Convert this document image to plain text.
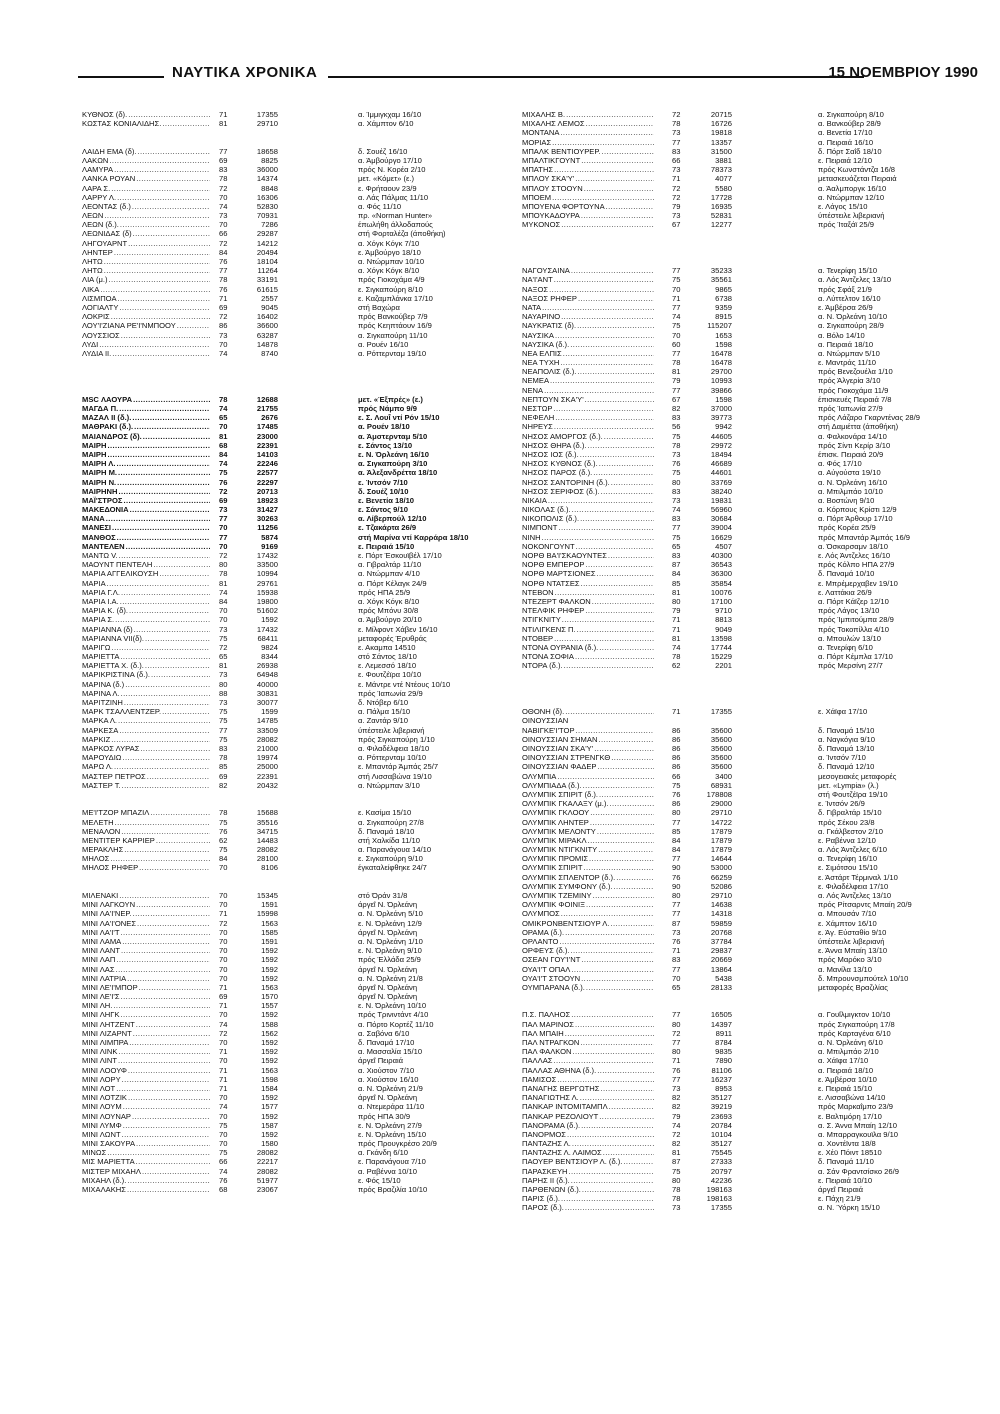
ΝΑΥΤΙΚΑ ΧΡΟΝΙΚΑ	15 ΝΟΕΜΒΡΙΟΥ 1990
ΚΥΘΝΟΣ (δ). .....	71	17355	α. Ίμμιγκχαμ 16/10
ΚΩΣΤΑΣ ΚΟΝΙΑΛΙΔΗΣ. .....	81	29710	α. Χάμπτον 6/10
ΛΑΙΔΗ ΕΜΑ (δ). .....	77	18658	δ. Σουέζ 16/10
ΛΑΚΩΝ .....	69	8825	α. Άμβούργο 17/10
ΛΑΜΥΡΑ .....	83	36000	πρός Ν. Κορέα 2/10
ΛΑΝΚΑ ΡΟΥΑΝ .....	78	14374	μετ. «Κόμετ» (ε.)
ΛΑΡΑ Σ. .....	72	8848	ε. Φρήταουν 23/9
ΛΑΡΡΥ Λ. .....	70	16306	α. Λάς Πάλμας 11/10
ΛΕΟΝΤΑΣ (δ.) .....	74	52830	α. Φός 11/10
ΛΕΩΝ .....	73	70931	πρ. «Norman Hunter»
ΛΕΩΝ (δ.). .....	70	7286	έπωλήθη άλλοδαπούς
ΛΕΩΝΙΔΑΣ (δ) .....	66	29287	στή Φορταλέζα (άποθήκη)
ΛΗΓΟΥΑΡΝΤ .....	72	14212	α. Χόγκ Κόγκ 7/10
ΛΗΝΤΕΡ .....	84	20494	ε. Άμβούργο 18/10
ΛΗΤΩ .....	76	18104	α. Ντώρμπαν 10/10
ΛΗΤΩ .....	77	11264	α. Χόγκ Κόγκ 8/10
ΛΙΑ (μ.) .....	78	33191	πρός Γιοκοχάμα 4/9
ΛΙΚΑ .....	76	61615	ε. Σιγκαπούρη 8/10
ΛΙΣΜΠΟΑ .....	71	2557	ε. Καζαμπλάνκα 17/10
ΛΟΓΙΑΛΤΥ .....	69	9045	στή Βαχώρα
ΛΟΚΡΙΣ .....	72	16402	πρός Βανκούβερ 7/9
ΛΟΥ'Ι'ΖΙΑΝΑ ΡΕ'Ι'ΝΜΠΟΟΥ .....	86	36600	πρός Κεηπτάουν 16/9
ΛΟΥΣΣΙΟΣ .....	73	63287	α. Σιγκαπούρη 11/10
ΛΥΔΙ .....	70	14878	α. Ρουέν 16/10
ΛΥΔΙΑ ΙΙ. .....	74	8740	α. Ρόττερνταμ 19/10
MSC ΛΑΟΥΡΑ .....	78	12688	μετ. «Έξπρές» (ε.)
ΜΑΓΔΑ Π. .....	74	21755	πρός Νάμπο 9/9
ΜΑΖΑΛ ΙΙ (δ.). .....	65	2676	ε. Σ. Λουΐ ντί Ρόν 15/10
ΜΑΘΡΑΚΙ (δ.). .....	70	17485	α. Ρουέν 18/10
ΜΑΙΑΝΔΡΟΣ (δ). .....	81	23000	α. Άμστερνταμ 5/10
ΜΑΙΡΗ .....	68	22391	ε. Σάντος 13/10
ΜΑΙΡΗ .....	84	14103	ε. Ν. Όρλεάνη 16/10
ΜΑΙΡΗ Λ. .....	74	22246	α. Σιγκαπούρη 3/10
ΜΑΙΡΗ Μ. .....	75	22577	α. Άλεξανδρέττα 18/10
ΜΑΙΡΗ Ν. .....	76	22297	ε. Ίντσόν 7/10
ΜΑΙΡΗΝΗ .....	72	20713	δ. Σουέζ 10/10
ΜΑΪ'ΣΤΡΟΣ .....	69	18923	ε. Βενετία 18/10
ΜΑΚΕΔΟΝΙΑ .....	73	31427	ε. Σάντος 9/10
ΜΑΝΑ .....	77	30263	α. Λίβερπούλ 12/10
ΜΑΝΕΣΙ .....	70	11256	ε. Τζακάρτα 26/9
ΜΑΝΘΟΣ .....	77	5874	στή Μαρίνα ντί Καρράρα 18/10
ΜΑΝΤΕΛΕΝ .....	70	9169	ε. Πειραιά 15/10
ΜΑΝΤΩ V. .....	72	17432	ε. Πόρτ Έσκουϊβέλ 17/10
ΜΑΟΥΝΤ ΠΕΝΤΕΛΗ .....	80	33500	α. Γιβραλτάρ 11/10
ΜΑΡΙΑ ΑΓΓΕΛΙΚΟΥΣΗ .....	78	10994	α. Ντώρμπαν 4/10
ΜΑΡΙΑ .....	81	29761	α. Πόρτ Κέλαγκ 24/9
ΜΑΡΙΑ Γ.Λ. .....	74	15938	πρός ΗΠΑ 25/9
ΜΑΡΙΑ Ι.Α. .....	84	19800	α. Χόγκ Κόγκ 8/10
ΜΑΡΙΑ Κ. (δ). .....	70	51602	πρός Μπόνυ 30/8
ΜΑΡΙΑ Σ. .....	70	1592	α. Άμβούργο 20/10
ΜΑΡΙΑΝΝΑ (δ) .....	73	17432	ε. Μίλφοντ Χάβεν 16/10
ΜΑΡΙΑΝΝΑ VII(δ). .....	75	68411	μεταφορές Έρυθράς
ΜΑΡΙΓΩ .....	72	9824	ε. Ακαμπα 14510
ΜΑΡΙΕΤΤΑ .....	65	8344	στό Σάντος 18/10
ΜΑΡΙΕΤΤΑ Χ. (δ.). .....	81	26938	ε. Λεμεσσό 18/10
ΜΑΡΙΚΡΙΣΤΙΝΑ (δ.). .....	73	64948	ε. Φουτζέϊρα 10/10
ΜΑΡΙΝΑ (δ.) .....	80	40000	ε. Μάντρε ντέ Ντέους 10/10
ΜΑΡΙΝΑ Λ. .....	88	30831	πρός Ίαπωνία 29/9
ΜΑΡΙΤΖΙΝΗ .....	73	30077	δ. Ντόβερ 6/10
ΜΑΡΚ ΤΣΑΛΛΕΝΤΖΕΡ. .....	75	1599	α. Πάλμα 15/10
ΜΑΡΚΑ Λ. .....	75	14785	α. Ζαντάρ 9/10
ΜΑΡΚΕΣΑ .....	77	33509	ύπέστειλε λιβεριανή
ΜΑΡΚΙΖ .....	75	28082	πρός Σιγκαπούρη 1/10
ΜΑΡΚΟΣ ΛΥΡΑΣ .....	83	21000	α. Φιλαδέλφεια 18/10
ΜΑΡΟΥΔΙΩ .....	78	19974	α. Ρόττερνταμ 10/10
ΜΑΡΩ Λ. .....	85	25000	ε. Μπαντάρ Άμπάς 25/7
ΜΑΣΤΕΡ ΠΕΤΡΟΣ .....	69	22391	στή Λισσαβώνα 19/10
ΜΑΣΤΕΡ Τ. .....	82	20432	α. Ντώρμπαν 3/10
ΜΕ'Ι'ΤΖΟΡ ΜΠΑΖΙΛ .....	78	15688	ε. Κασίμα 15/10
ΜΕΛΕΤΗ .....	75	35516	α. Σιγκαπούρη 27/8
ΜΕΝΑΛΟΝ .....	76	34715	δ. Παναμά 18/10
ΜΕΝΤΙΤΕΡ ΚΑΡΡΙΕΡ .....	62	14483	στή Χαλκίδα 11/10
ΜΕΡΑΚΛΗΣ .....	75	28082	α. Παρανάγουα 14/10
ΜΗΛΟΣ .....	84	28100	ε. Σιγκαπούρη 9/10
ΜΗΛΟΣ ΡΗΦΕΡ .....	70	8106	έγκαταλείφθηκε 24/7
ΜΙΛΕΝΑΚΙ .....	70	15345	στό Όράν 31/8
ΜΙΝΙ ΛΑΓΚΟΥΝ .....	70	1591	άργεΐ Ν. Όρλεάνη
ΜΙΝΙ ΛΑ'Ι'ΝΕΡ. .....	71	15998	α. Ν. Όρλεάνη 5/10
ΜΙΝΙ ΛΑ'Ι'ΟΝΕΣ .....	72	1563	ε. Ν. Όρλεάνη 12/9
ΜΙΝΙ ΛΑ'Ι'Τ .....	70	1585	άργεΐ Ν. Όρλεάνη
ΜΙΝΙ ΛΑΜΑ .....	70	1591	α. Ν. Όρλεάνη 1/10
ΜΙΝΙ ΛΑΝΤ .....	70	1592	ε. Ν. Όρλεάνη 9/10
ΜΙΝΙ ΛΑΠ .....	70	1592	πρός Έλλάδα 25/9
ΜΙΝΙ ΛΑΣ .....	70	1592	άργεΐ Ν. Όρλεάνη
ΜΙΝΙ ΛΑΤΡΙΑ .....	70	1592	α. Ν. Όρλεάνη 21/8
ΜΙΝΙ ΛΕ'Ι'ΜΠΟΡ .....	71	1563	άργεΐ Ν. Όρλεάνη
ΜΙΝΙ ΛΕ'Ι'Σ .....	69	1570	άργεΐ Ν. Όρλεάνη
ΜΙΝΙ ΛΗ. .....	71	1557	ε. Ν. Όρλεάνη 10/10
ΜΙΝΙ ΛΗΓΚ .....	70	1592	πρός Τρινιντάντ 4/10
ΜΙΝΙ ΛΗΤΖΕΝΤ .....	74	1588	α. Πόρτο Κορτέζ 11/10
ΜΙΝΙ ΛΙΖΑΡΝΤ .....	72	1562	α. Σαβόνα 6/10
ΜΙΝΙ ΛΙΜΠΡΑ .....	70	1592	δ. Παναμά 17/10
ΜΙΝΙ ΛΙΝΚ .....	71	1592	α. Μασσαλία 15/10
ΜΙΝΙ ΛΙΝΤ .....	70	1592	άργεΐ Πειραιά
ΜΙΝΙ ΛΟΟΥΦ .....	71	1563	α. Χιούστον 7/10
ΜΙΝΙ ΛΟΡΥ .....	71	1598	α. Χιούστον 16/10
ΜΙΝΙ ΛΟΤ .....	71	1584	α. Ν. Όρλεάνη 21/9
ΜΙΝΙ ΛΟΤΖΙΚ .....	70	1592	άργεΐ Ν. Όρλεάνη
ΜΙΝΙ ΛΟΥΜ .....	74	1577	α. Ντεμεράρα 11/10
ΜΙΝΙ ΛΟΥΝΑΡ .....	70	1592	πρός ΗΠΑ 30/9
ΜΙΝΙ ΛΥΜΦ .....	75	1587	ε. Ν. Όρλεάνη 27/9
ΜΙΝΙ ΛΩΝΤ .....	70	1592	ε. Ν. Όρλεάνη 15/10
ΜΙΝΙ ΣΑΚΟΥΡΑ .....	70	1580	πρός Προυγκρέσο 20/9
ΜΙΝΩΣ .....	75	28082	α. Γκάνδη 6/10
ΜΙΣ ΜΑΡΙΕΤΤΑ .....	66	22217	ε. Παρανάγουα 7/10
ΜΙΣΤΕΡ ΜΙΧΑΗΛ .....	74	28082	α. Ραβέννα 10/10
ΜΙΧΑΗΛ (δ.). .....	76	51977	ε. Φός 15/10
ΜΙΧΑΛΑΚΗΣ .....	68	23067	πρός Βραζιλία 10/10
ΜΙΧΑΛΗΣ Β. .....	72	20715	α. Σιγκαπούρη 8/10
ΜΙΧΑΛΗΣ ΛΕΜΟΣ .....	78	16726	α. Βανκούβερ 28/9
ΜΟΝΤΑΝΑ .....	73	19818	α. Βενετία 17/10
ΜΟΡΙΑΣ .....	77	13357	α. Πειραιά 16/10
ΜΠΑΛΚ ΒΕΝΤΙΟΥΡΕΡ. .....	83	31500	δ. Πόρτ Σαΐδ 18/10
ΜΠΑΛΤΙΚΓΟΥΝΤ .....	66	3881	ε. Πειραιά 12/10
ΜΠΑΤΗΣ .....	73	78373	πρός Κωνστάντζα 16/8
ΜΠΛΟΥ ΣΚΑ'Υ' .....	71	4077	μετασκευάζεται Πειραιά
ΜΠΛΟΥ ΣΤΟΟΥΝ .....	72	5580	α. Άαλμποργκ 16/10
ΜΠΟΕΜ .....	72	17728	α. Ντώρμπαν 12/10
ΜΠΟΥΕΝΑ ΦΟΡΤΟΥΝΑ .....	79	16935	ε. Λάγος 15/10
ΜΠΟΥΚΑΔΟΥΡΑ .....	73	52831	ύπέστειλε λιβεριανή
ΜΥΚΟΝΟΣ .....	67	12277	πρός Ίταξάϊ 25/9
ΝΑΓΟΥΣΑΙΝΑ .....	77	35233	α. Τενερίφη 15/10
ΝΑ'Ι'ΑΝΤ .....	75	35561	α. Λός Άντζελες 13/10
ΝΑΞΟΣ .....	70	9865	πρός Σφάξ 21/9
ΝΑΞΟΣ ΡΗΦΕΡ .....	71	6738	α. Λύττελτον 16/10
ΝΑΤΑ .....	77	9359	ε. Άμβέρσα 26/9
ΝΑΥΑΡΙΝΟ .....	74	8915	α. Ν. Όρλεάνη 10/10
ΝΑΥΚΡΑΤΙΣ (δ). .....	75	115207	α. Σιγκαπούρη 28/9
ΝΑΥΣΙΚΑ .....	70	1653	α. Βόλο 14/10
ΝΑΥΣΙΚΑ (δ.). .....	60	1598	α. Πειραιά 18/10
ΝΕΑ ΕΛΠΙΣ .....	77	16478	α. Ντώρμπαν 5/10
ΝΕΑ ΤΥΧΗ .....	78	16478	ε. Μαντράς 11/10
ΝΕΑΠΟΛΙΣ (δ.). .....	81	29700	πρός Βενεζουέλα 1/10
ΝΕΜΕΑ .....	79	10993	πρός Άλγερία 3/10
ΝΕΝΑ .....	77	39866	πρός Γιοκοχάμα 11/9
ΝΕΠΤΟΥΝ ΣΚΑ'Υ' .....	67	1598	έπισκευές Πειραιά 7/8
ΝΕΣΤΩΡ .....	82	37000	πρός Ίαπωνία 27/9
ΝΕΦΕΛΗ .....	83	39773	πρός Λάζαρο Γκαρντένας 28/9
ΝΗΡΕΥΣ .....	56	9942	στή Δαμιέττα (άποθήκη)
ΝΗΣΟΣ ΑΜΟΡΓΟΣ (δ.). .....	75	44605	α. Φαλκονάρα 14/10
ΝΗΣΟΣ ΘΗΡΑ (δ.). .....	78	29972	πρός Σίντι Κερίρ 3/10
ΝΗΣΟΣ ΙΟΣ (δ.). .....	73	18494	έπισκ. Πειραιά 20/9
ΝΗΣΟΣ ΚΥΘΝΟΣ (δ.). .....	76	46689	α. Φός 17/10
ΝΗΣΟΣ ΠΑΡΟΣ (δ.). .....	75	44601	α. Αύγούστα 19/10
ΝΗΣΟΣ ΣΑΝΤΟΡΙΝΗ (δ.). .....	80	33769	α. Ν. Όρλεάνη 16/10
ΝΗΣΟΣ ΣΕΡΙΦΟΣ (δ.). .....	83	38240	α. Μπιλμπάο 10/10
ΝΙΚΑΙΑ .....	73	19831	α. Βοστώνη 9/10
ΝΙΚΟΛΑΣ (δ.). .....	74	56960	α. Κόρπους Κρίστι 12/9
ΝΙΚΟΠΟΛΙΣ (δ.). .....	83	30684	α. Πόρτ Άρθουρ 17/10
ΝΙΜΠΟΝΤ .....	77	39004	πρός Κορέα 25/9
ΝΙΝΗ .....	75	16629	πρός Μπαντάρ Άμπάς 16/9
ΝΟΚΟΝΓΟΥΝΤ .....	65	4507	α. Όσκαρσαμν 18/10
ΝΟΡΘ ΒΑ'Ι'ΣΚΑΟΥΝΤΕΣ .....	83	40300	ε. Λός Άντζελες 16/10
ΝΟΡΘ ΕΜΠΕΡΟΡ .....	87	36543	πρός Κόλπο ΗΠΑ 27/9
ΝΟΡΘ ΜΑΡΤΣΙΟΝΕΣ .....	84	36300	δ. Παναμά 10/10
ΝΟΡΘ ΝΤΑΤΣΕΣ .....	85	35854	ε. Μπρέμερχαβεν 19/10
ΝΤΕΒΟΝ .....	81	10076	ε. Λαττάκια 26/9
ΝΤΕΖΕΡΤ ΦΑΛΚΟΝ .....	80	17100	α. Πόρτ Κάϊζερ 12/10
ΝΤΕΛΦΙΚ ΡΗΦΕΡ .....	79	9710	πρός Λάγος 13/10
ΝΤΙΓΚΝΙΤΥ .....	71	8813	πρός Ίμπιτούμπα 28/9
ΝΤΙΛΙΓΚΕΝΣ Π. .....	71	9049	πρός Τοκοπίλλα 4/10
ΝΤΟΒΕΡ .....	81	13598	α. Μπουλών 13/10
ΝΤΟΝΑ ΟΥΡΑΝΙΑ (δ.). .....	74	17744	α. Τενερίφη 6/10
ΝΤΟΝΑ ΣΟΦΙΑ .....	78	15229	α. Πόρτ Κέμπλα 17/10
ΝΤΟΡΑ (δ.). .....	62	2201	πρός Μερσίνη 27/7
ΟΘΟΝΗ (δ). .....	71	17355	ε. Χάϊφα 17/10
ΟΙΝΟΥΣΣΙΑΝ
ΝΑΒΙΓΚΕ'Ι'ΤΟΡ .....	86	35600	δ. Παναμά 15/10
ΟΙΝΟΥΣΣΙΑΝ ΣΗΜΑΝ .....	86	35600	α. Ναγκόγια 9/10
ΟΙΝΟΥΣΣΙΑΝ ΣΚΑ'Υ' .....	86	35600	δ. Παναμά 13/10
ΟΙΝΟΥΣΣΙΑΝ ΣΤΡΕΝΓΚΘ .....	86	35600	α. Ίντσόν 7/10
ΟΙΝΟΥΣΣΙΑΝ ΦΑΔΕΡ .....	86	35600	δ. Παναμά 12/10
ΟΛΥΜΠΙΑ .....	66	3400	μεσογειακές μεταφορές
ΟΛΥΜΠΙΑΔΑ (δ.). .....	75	68931	μετ. «Lympia» (λ.)
ΟΛΥΜΠΙΚ ΣΠΙΡΙΤ (δ.). .....	76	178808	στή Φουτζέϊρα 19/10
ΟΛΥΜΠΙΚ ΓΚΑΛΑΞΥ (μ.). .....	86	29000	ε. Ίντσόν 26/9
ΟΛΥΜΠΙΚ ΓΚΛΟΟΥ .....	80	29710	δ. Γιβραλτάρ 15/10
ΟΛΥΜΠΙΚ ΛΗΝΤΕΡ .....	77	14722	πρός Σέκου 23/8
ΟΛΥΜΠΙΚ ΜΕΛΟΝΤΥ .....	85	17879	α. Γκάλβεστον 2/10
ΟΛΥΜΠΙΚ ΜΙΡΑΚΛ .....	84	17879	ε. Ραβέννα 12/10
ΟΛΥΜΠΙΚ ΝΤΙΓΚΝΙΤΥ .....	84	17879	α. Λός Άντζελες 6/10
ΟΛΥΜΠΙΚ ΠΡΟΜΙΣ .....	77	14644	α. Τενερίφη 16/10
ΟΛΥΜΠΙΚ ΣΠΙΡΙΤ .....	90	53000	ε. Σιμότσου 15/10
ΟΛΥΜΠΙΚ ΣΠΛΕΝΤΟΡ (δ.). .....	76	66259	ε. Άστάρτ Τέρμιναλ 1/10
ΟΛΥΜΠΙΚ ΣΥΜΦΟΝΥ (δ.). .....	90	52086	ε. Φιλαδέλφεια 17/10
ΟΛΥΜΠΙΚ ΤΖΕΜΙΝΥ .....	80	29710	α. Λός Άντζελες 13/10
ΟΛΥΜΠΙΚ ΦΟΙΝΙΞ .....	77	14638	πρός Ρίτσαρντς Μπαίη 20/9
ΟΛΥΜΠΟΣ .....	77	14318	α. Μπουσάν 7/10
ΟΜΙΚΡΟΝΒΕΝΤΣΙΟΥΡ Λ. .....	87	59859	ε. Χάμπτον 16/10
ΟΡΑΜΑ (δ.). .....	73	20768	ε. Άγ. Εύσταθίο 9/10
ΟΡΛΑΝΤΟ .....	76	37784	ύπέστειλε λιβεριανή
ΟΡΦΕΥΣ (δ.). .....	71	29837	ε. Άννα Μπαίη 13/10
ΟΣΕΑΝ ΓΟΥ'Ι'ΝΤ .....	83	20669	πρός Μαρόκο 3/10
ΟΥΑ'Ι'Τ ΟΠΑΛ .....	77	13864	α. Μανίλα 13/10
ΟΥΑ'Ι'Τ ΣΤΟΟΥΝ .....	70	5438	δ. Μπρουνσμπούτελ 10/10
ΟΥΜΠΑΡΑΝΑ (δ.). .....	65	28133	μεταφορές Βραζιλίας
Π.Σ. ΠΑΛΗΟΣ .....	77	16505	α. Γουΐλμιγκτον 10/10
ΠΑΛ ΜΑΡΙΝΟΣ .....	80	14397	πρός Σιγκαπούρη 17/8
ΠΑΛ ΜΠΑΙΗ .....	72	8911	πρός Καρταγένα 6/10
ΠΑΛ ΝΤΡΑΓΚΟΝ .....	77	8784	α. Ν. Όρλεάνη 6/10
ΠΑΛ ΦΑΛΚΟΝ .....	80	9835	α. Μπιλμπάο 2/10
ΠΑΛΛΑΣ .....	71	7890	α. Χάϊφα 17/10
ΠΑΛΛΑΣ ΑΘΗΝΑ (δ.). .....	76	81106	α. Πειραιά 18/10
ΠΑΜΙΣΟΣ .....	77	16237	ε. Άμβέρσα 10/10
ΠΑΝΑΓΗΣ ΒΕΡΓΩΤΗΣ .....	73	8953	ε. Πειραιά 15/10
ΠΑΝΑΓΙΩΤΗΣ Λ. .....	82	35127	ε. Λισσαβώνα 14/10
ΠΑΝΚΑΡ ΙΝΤΟΜΙΤΑΜΠΛ .....	82	39219	πρός Μαρκαΐμπο 23/9
ΠΑΝΚΑΡ ΡΕΖΟΛΙΟΥΤ .....	79	23693	ε. Βαλτιμόρη 17/10
ΠΑΝΟΡΑΜΑ (δ.). .....	74	20784	α. Σ. Άννα Μπαίη 12/10
ΠΑΝΟΡΜΟΣ .....	72	10104	α. Μπαρραγκουϊλα 9/10
ΠΑΝΤΑΖΗΣ Λ. .....	82	35127	α. Χοντέϊντα 18/8
ΠΑΝΤΑΖΗΣ Λ. ΛΑΙΜΟΣ .....	81	75545	ε. Χέϋ Πόιντ 18510
ΠΑΟΥΕΡ ΒΕΝΤΣΙΟΥΡ Λ. (δ.). .....	87	27333	δ. Παναμά 11/10
ΠΑΡΑΣΚΕΥΗ .....	75	20797	α. Σάν Φραντσίσκο 26/9
ΠΑΡΗΣ ΙΙ (δ.). .....	80	42236	ε. Πειραιά 10/10
ΠΑΡΘΕΝΩΝ (δ.). .....	78	198163	άργεΐ Πειραιά
ΠΑΡΙΣ (δ.). .....	78	198163	ε. Πάχη 21/9
ΠΑΡΟΣ (δ.). .....	73	17355	α. Ν. Ύόρκη 15/10
